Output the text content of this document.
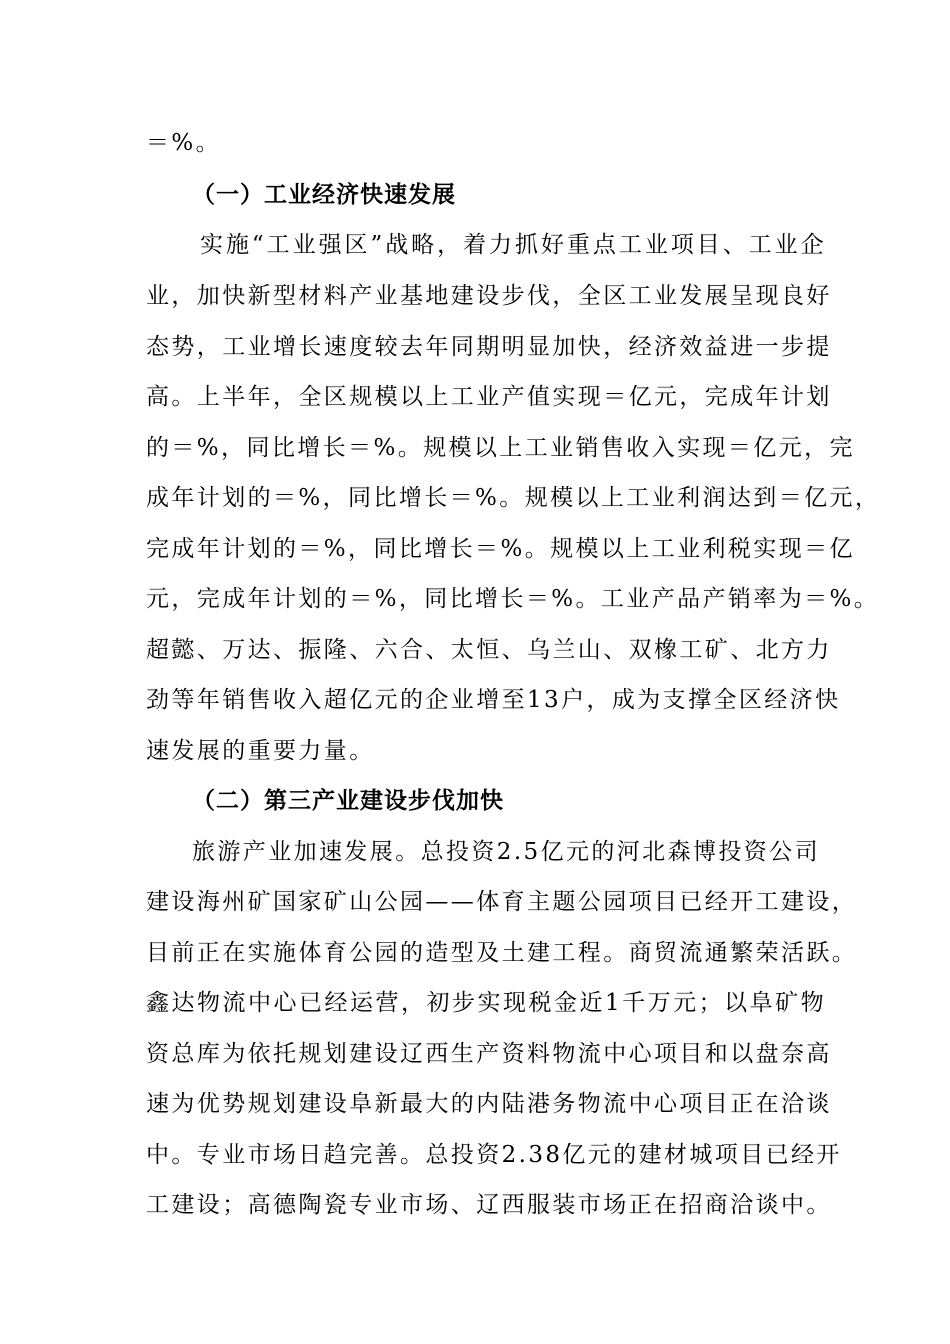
＝%。
（一）工业经济快速发展
实施“工业强区”战略，着力抓好重点工业项目、工业企
业，加快新型材料产业基地建设步伐，全区工业发展呈现良好
态势，工业增长速度较去年同期明显加快，经济效益进一步提
高。上半年，全区规模以上工业产值实现＝亿元，完成年计划
的＝%，同比增长＝%。规模以上工业销售收入实现＝亿元，完
成年计划的＝%，同比增长＝%。规模以上工业利润达到＝亿元，
完成年计划的＝%，同比增长＝%。规模以上工业利税实现＝亿
元，完成年计划的＝%，同比增长＝%。工业产品产销率为＝%。
超懿、万达、振隆、六合、太恒、乌兰山、双橡工矿、北方力
劲等年销售收入超亿元的企业增至13户，成为支撑全区经济快
速发展的重要力量。
（二）第三产业建设步伐加快
旅游产业加速发展。总投资2.5亿元的河北森博投资公司
建设海州矿国家矿山公园——体育主题公园项目已经开工建设，
目前正在实施体育公园的造型及土建工程。商贸流通繁荣活跃。
鑫达物流中心已经运营，初步实现税金近1千万元；以阜矿物
资总库为依托规划建设辽西生产资料物流中心项目和以盘奈高
速为优势规划建设阜新最大的内陆港务物流中心项目正在洽谈
中。专业市场日趋完善。总投资2.38亿元的建材城项目已经开
工建设；高德陶瓷专业市场、辽西服装市场正在招商洽谈中。
